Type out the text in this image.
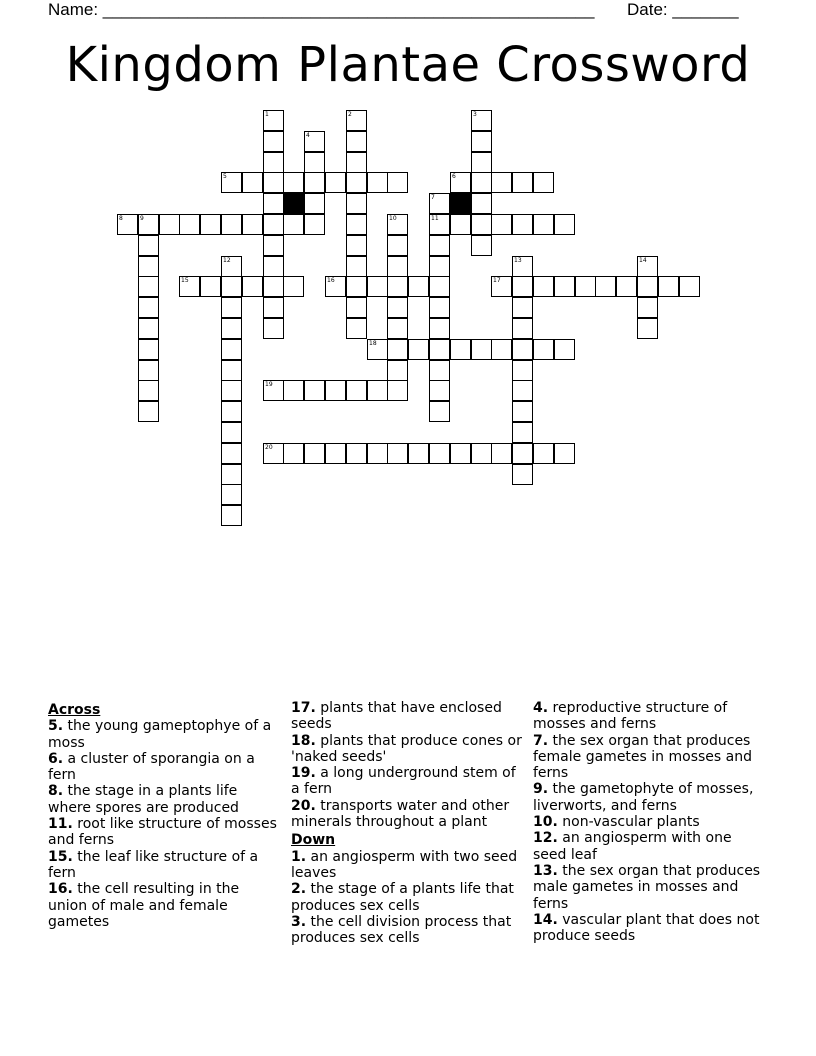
Name: ____________________________________________________ Date: _______
Kingdom Plantae Crossword
1	2	3
4
5	6
7
11
8	9	10
12	13	14
15	16	17
18
19
20
Across
5. the young gameptophye of a moss
6. a cluster of sporangia on a fern
8. the stage in a plants life where spores are produced
11. root like structure of mosses and ferns
15. the leaf like structure of a fern
16. the cell resulting in the union of male and female gametes
17. plants that have enclosed seeds
18. plants that produce cones or 'naked seeds'
19. a long underground stem of a fern
20. transports water and other minerals throughout a plant
Down
1. an angiosperm with two seed leaves
2. the stage of a plants life that produces sex cells
3. the cell division process that produces sex cells
4. reproductive structure of mosses and ferns
7. the sex organ that produces female gametes in mosses and ferns
9. the gametophyte of mosses, liverworts, and ferns
10. non-vascular plants
12. an angiosperm with one seed leaf
13. the sex organ that produces male gametes in mosses and ferns
14. vascular plant that does not produce seeds
